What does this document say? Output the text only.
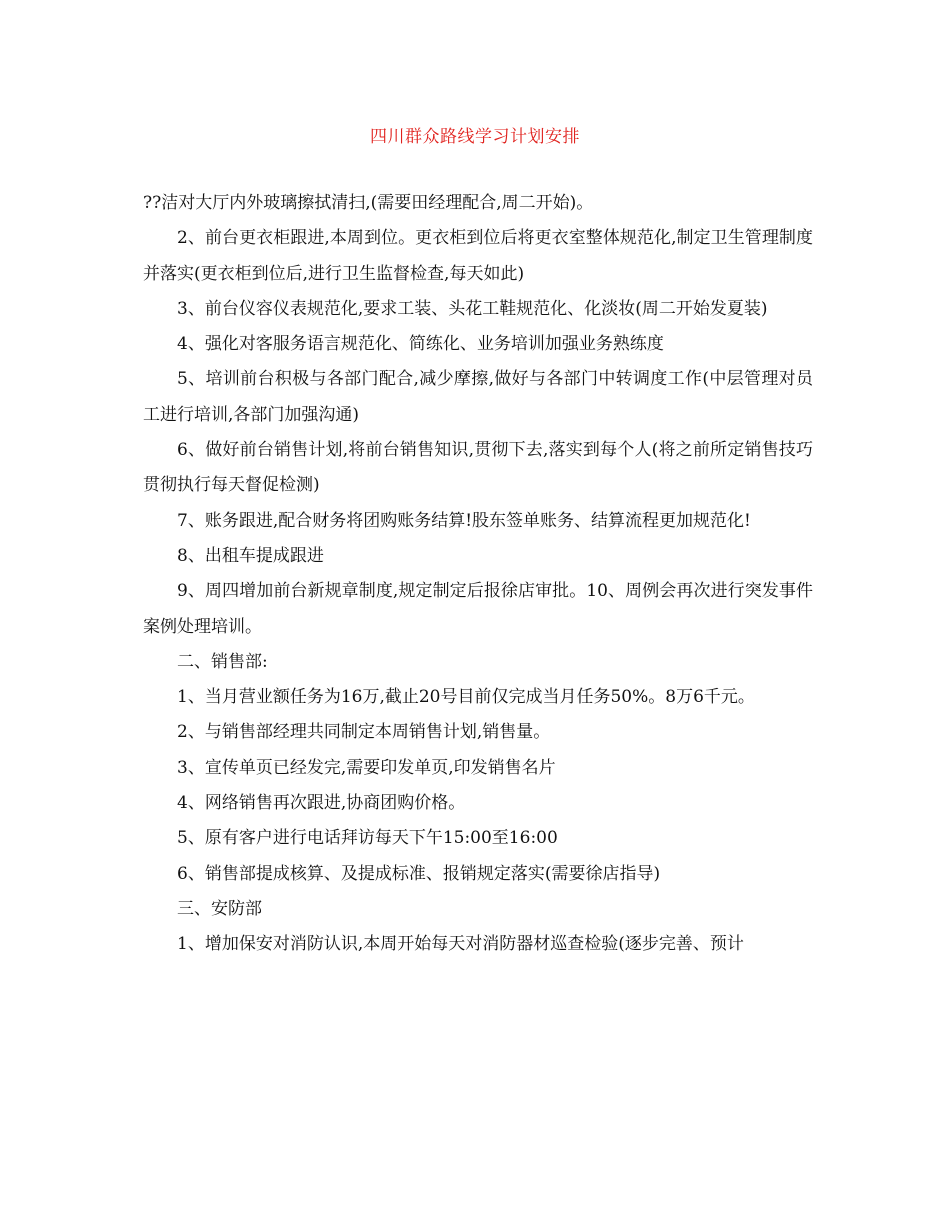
四川群众路线学习计划安排

??洁对大厅内外玻璃擦拭清扫,(需要田经理配合,周二开始)。

2、前台更衣柜跟进,本周到位。更衣柜到位后将更衣室整体规范化,制定卫生管理制度并落实(更衣柜到位后,进行卫生监督检查,每天如此)

3、前台仪容仪表规范化,要求工装、头花工鞋规范化、化淡妆(周二开始发夏装)

4、强化对客服务语言规范化、简练化、业务培训加强业务熟练度

5、培训前台积极与各部门配合,减少摩擦,做好与各部门中转调度工作(中层管理对员工进行培训,各部门加强沟通)

6、做好前台销售计划,将前台销售知识,贯彻下去,落实到每个人(将之前所定销售技巧贯彻执行每天督促检测)

7、账务跟进,配合财务将团购账务结算!股东签单账务、结算流程更加规范化!

8、出租车提成跟进

9、周四增加前台新规章制度,规定制定后报徐店审批。10、周例会再次进行突发事件案例处理培训。

二、销售部:

1、当月营业额任务为16万,截止20号目前仅完成当月任务50%。8万6千元。

2、与销售部经理共同制定本周销售计划,销售量。

3、宣传单页已经发完,需要印发单页,印发销售名片

4、网络销售再次跟进,协商团购价格。

5、原有客户进行电话拜访每天下午15:00至16:00

6、销售部提成核算、及提成标准、报销规定落实(需要徐店指导)

三、安防部

1、增加保安对消防认识,本周开始每天对消防器材巡查检验(逐步完善、预计
